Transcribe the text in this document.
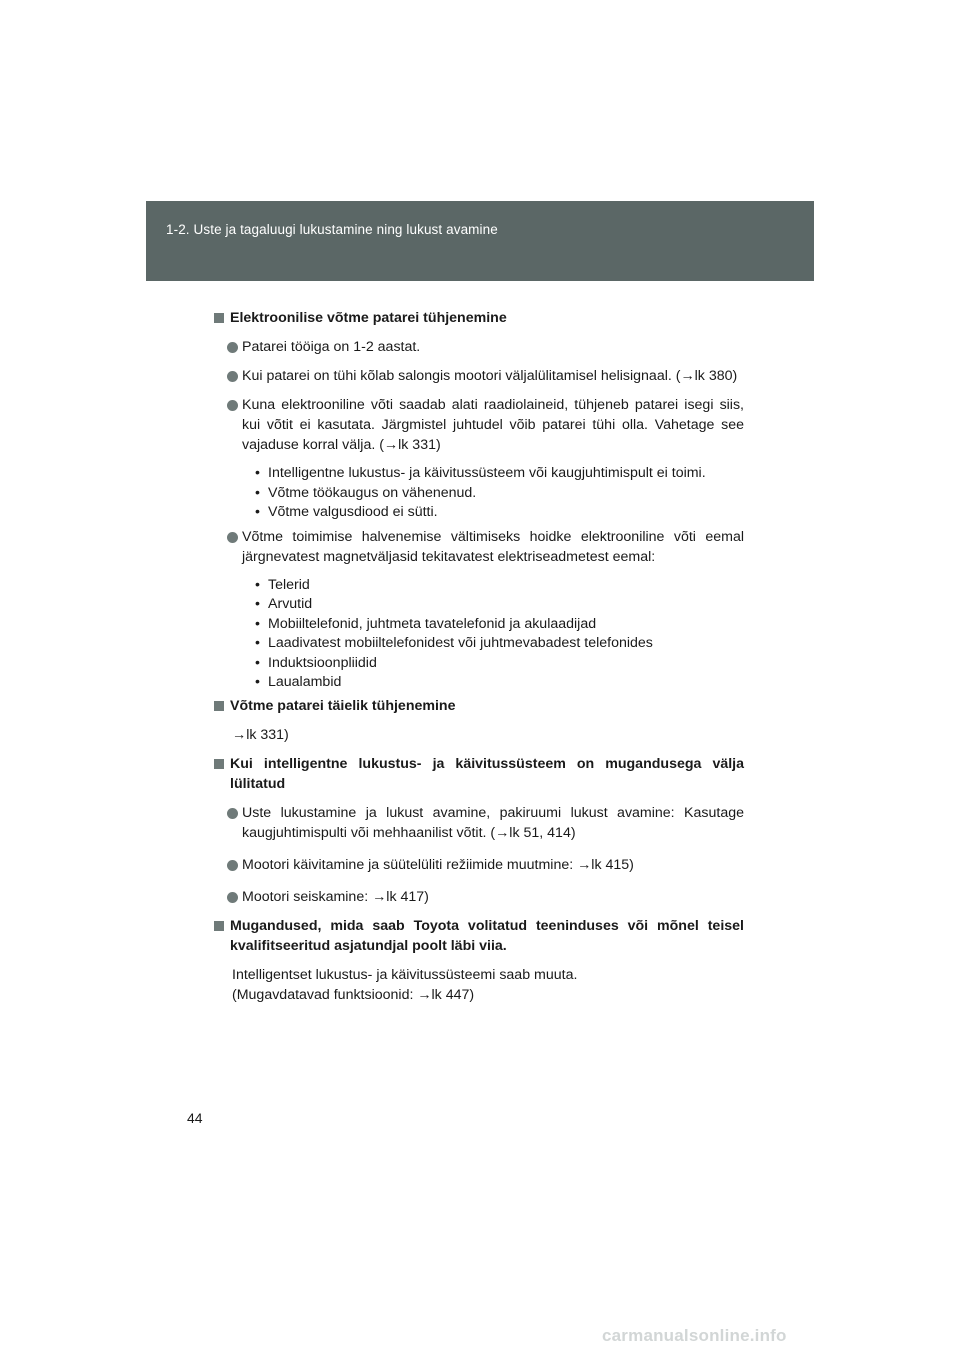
1-2. Uste ja tagaluugi lukustamine ning lukust avamine
Elektroonilise võtme patarei tühjenemine
Patarei tööiga on 1-2 aastat.
Kui patarei on tühi kõlab salongis mootori väljalülitamisel helisignaal. (→lk 380)
Kuna elektrooniline võti saadab alati raadiolaineid, tühjeneb patarei isegi siis, kui võtit ei kasutata. Järgmistel juhtudel võib patarei tühi olla. Vahetage see vajaduse korral välja. (→lk 331)
• Intelligentne lukustus- ja käivitussüsteem või kaugjuhtimispult ei toimi.
• Võtme töökaugus on vähenenud.
• Võtme valgusdiood ei sütti.
Võtme toimimise halvenemise vältimiseks hoidke elektrooniline võti eemal järgnevatest magnetväljasid tekitavatest elektriseadmetest eemal:
• Telerid
• Arvutid
• Mobiiltelefonid, juhtmeta tavatelefonid ja akulaadijad
• Laadivatest mobiiltelefonidest või juhtmevabadest telefonides
• Induktsioonpliidid
• Laualambid
Võtme patarei täielik tühjenemine
→lk 331)
Kui intelligentne lukustus- ja käivitussüsteem on mugandusega välja lülitatud
Uste lukustamine ja lukust avamine, pakiruumi lukust avamine: Kasutage kaugjuhtimispulti või mehhaanilist võtit. (→lk 51, 414)
Mootori käivitamine ja süütelüliti režiimide muutmine: →lk 415)
Mootori seiskamine: →lk 417)
Mugandused, mida saab Toyota volitatud teeninduses või mõnel teisel kvalifitseeritud asjatundjal poolt läbi viia.
Intelligentset lukustus- ja käivitussüsteemi saab muuta.
(Mugavdatavad funktsioonid: →lk 447)
44
carmanualsonline.info
